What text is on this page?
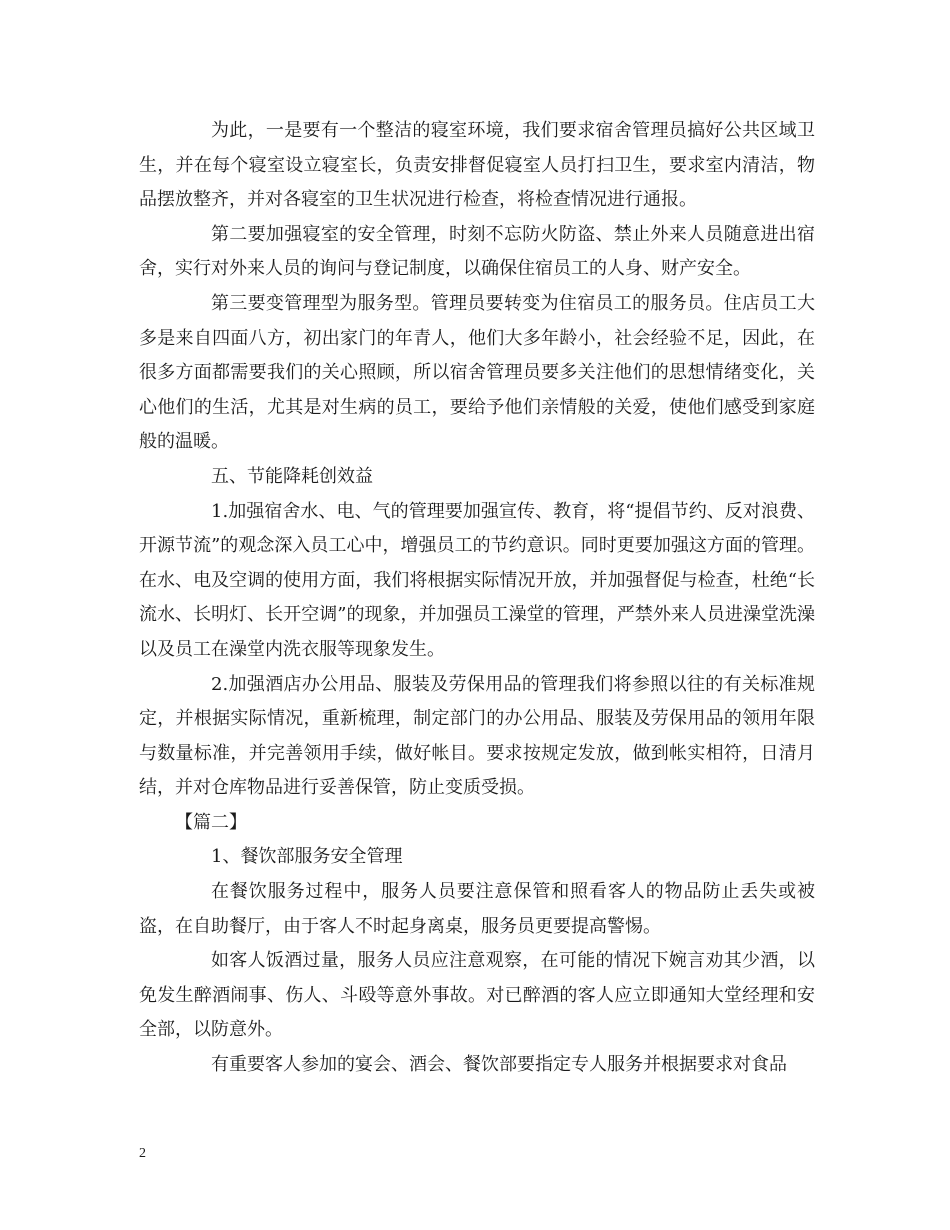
为此，一是要有一个整洁的寝室环境，我们要求宿舍管理员搞好公共区域卫生，并在每个寝室设立寝室长，负责安排督促寝室人员打扫卫生，要求室内清洁，物品摆放整齐，并对各寝室的卫生状况进行检查，将检查情况进行通报。

第二要加强寝室的安全管理，时刻不忘防火防盗、禁止外来人员随意进出宿舍，实行对外来人员的询问与登记制度，以确保住宿员工的人身、财产安全。

第三要变管理型为服务型。管理员要转变为住宿员工的服务员。住店员工大多是来自四面八方，初出家门的年青人，他们大多年龄小，社会经验不足，因此，在很多方面都需要我们的关心照顾，所以宿舍管理员要多关注他们的思想情绪变化，关心他们的生活，尤其是对生病的员工，要给予他们亲情般的关爱，使他们感受到家庭般的温暖。

五、节能降耗创效益

1.加强宿舍水、电、气的管理要加强宣传、教育，将“提倡节约、反对浪费、开源节流”的观念深入员工心中，增强员工的节约意识。同时更要加强这方面的管理。在水、电及空调的使用方面，我们将根据实际情况开放，并加强督促与检查，杜绝“长流水、长明灯、长开空调”的现象，并加强员工澡堂的管理，严禁外来人员进澡堂洗澡以及员工在澡堂内洗衣服等现象发生。

2.加强酒店办公用品、服装及劳保用品的管理我们将参照以往的有关标准规定，并根据实际情况，重新梳理，制定部门的办公用品、服装及劳保用品的领用年限与数量标准，并完善领用手续，做好帐目。要求按规定发放，做到帐实相符，日清月结，并对仓库物品进行妥善保管，防止变质受损。

【篇二】

1、餐饮部服务安全管理

在餐饮服务过程中，服务人员要注意保管和照看客人的物品防止丢失或被盗，在自助餐厅，由于客人不时起身离桌，服务员更要提高警惕。

如客人饭酒过量，服务人员应注意观察，在可能的情况下婉言劝其少酒，以免发生醉酒闹事、伤人、斗殴等意外事故。对已醉酒的客人应立即通知大堂经理和安全部，以防意外。

有重要客人参加的宴会、酒会、餐饮部要指定专人服务并根据要求对食品

2
